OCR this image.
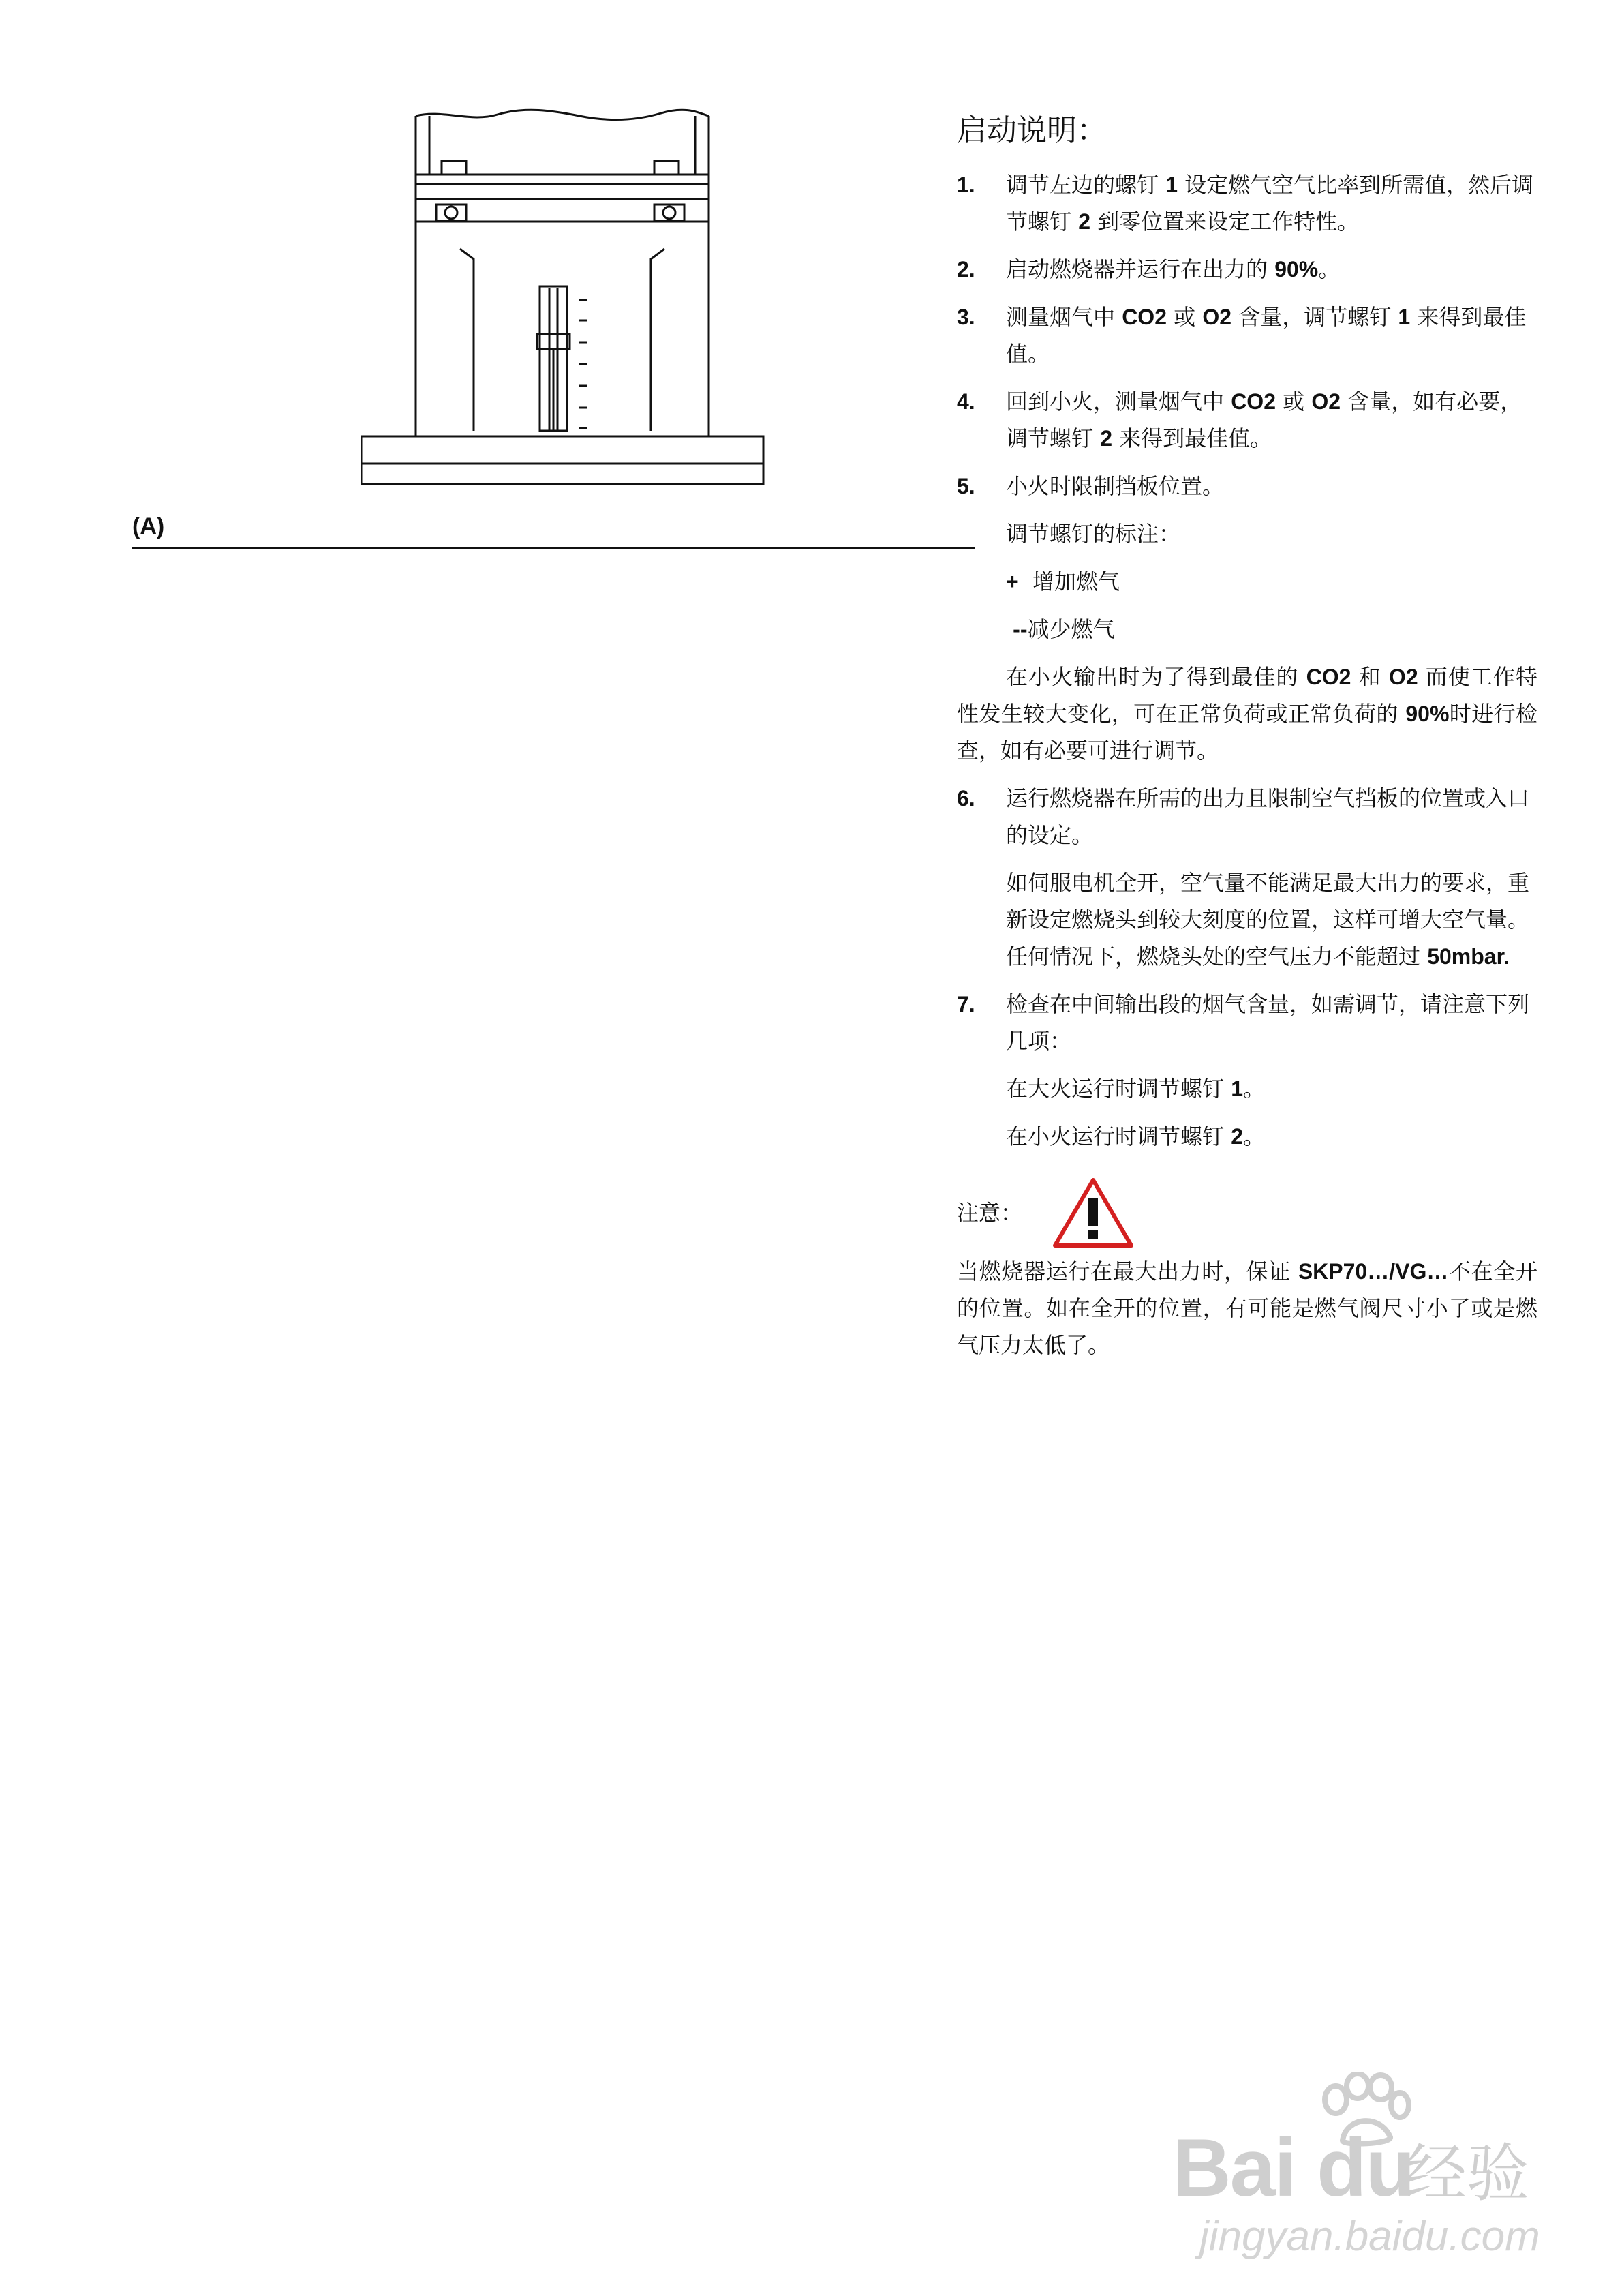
(A)
启动说明：
1. 调节左边的螺钉 1 设定燃气空气比率到所需值，然后调节螺钉 2 到零位置来设定工作特性。
2. 启动燃烧器并运行在出力的 90%。
3. 测量烟气中 CO2 或 O2 含量，调节螺钉 1 来得到最佳值。
4. 回到小火，测量烟气中 CO2 或 O2 含量，如有必要，调节螺钉 2 来得到最佳值。
5. 小火时限制挡板位置。
调节螺钉的标注：
+ 增加燃气
--减少燃气
在小火输出时为了得到最佳的 CO2 和 O2 而使工作特性发生较大变化，可在正常负荷或正常负荷的 90%时进行检查，如有必要可进行调节。
6. 运行燃烧器在所需的出力且限制空气挡板的位置或入口的设定。
如伺服电机全开，空气量不能满足最大出力的要求，重新设定燃烧头到较大刻度的位置，这样可增大空气量。任何情况下，燃烧头处的空气压力不能超过 50mbar.
7. 检查在中间输出段的烟气含量，如需调节，请注意下列几项：
在大火运行时调节螺钉 1。
在小火运行时调节螺钉 2。
注意：
当燃烧器运行在最大出力时，保证 SKP70…/VG…不在全开的位置。如在全开的位置，有可能是燃气阀尺寸小了或是燃气压力太低了。
Bai du
经验
jingyan.baidu.com
